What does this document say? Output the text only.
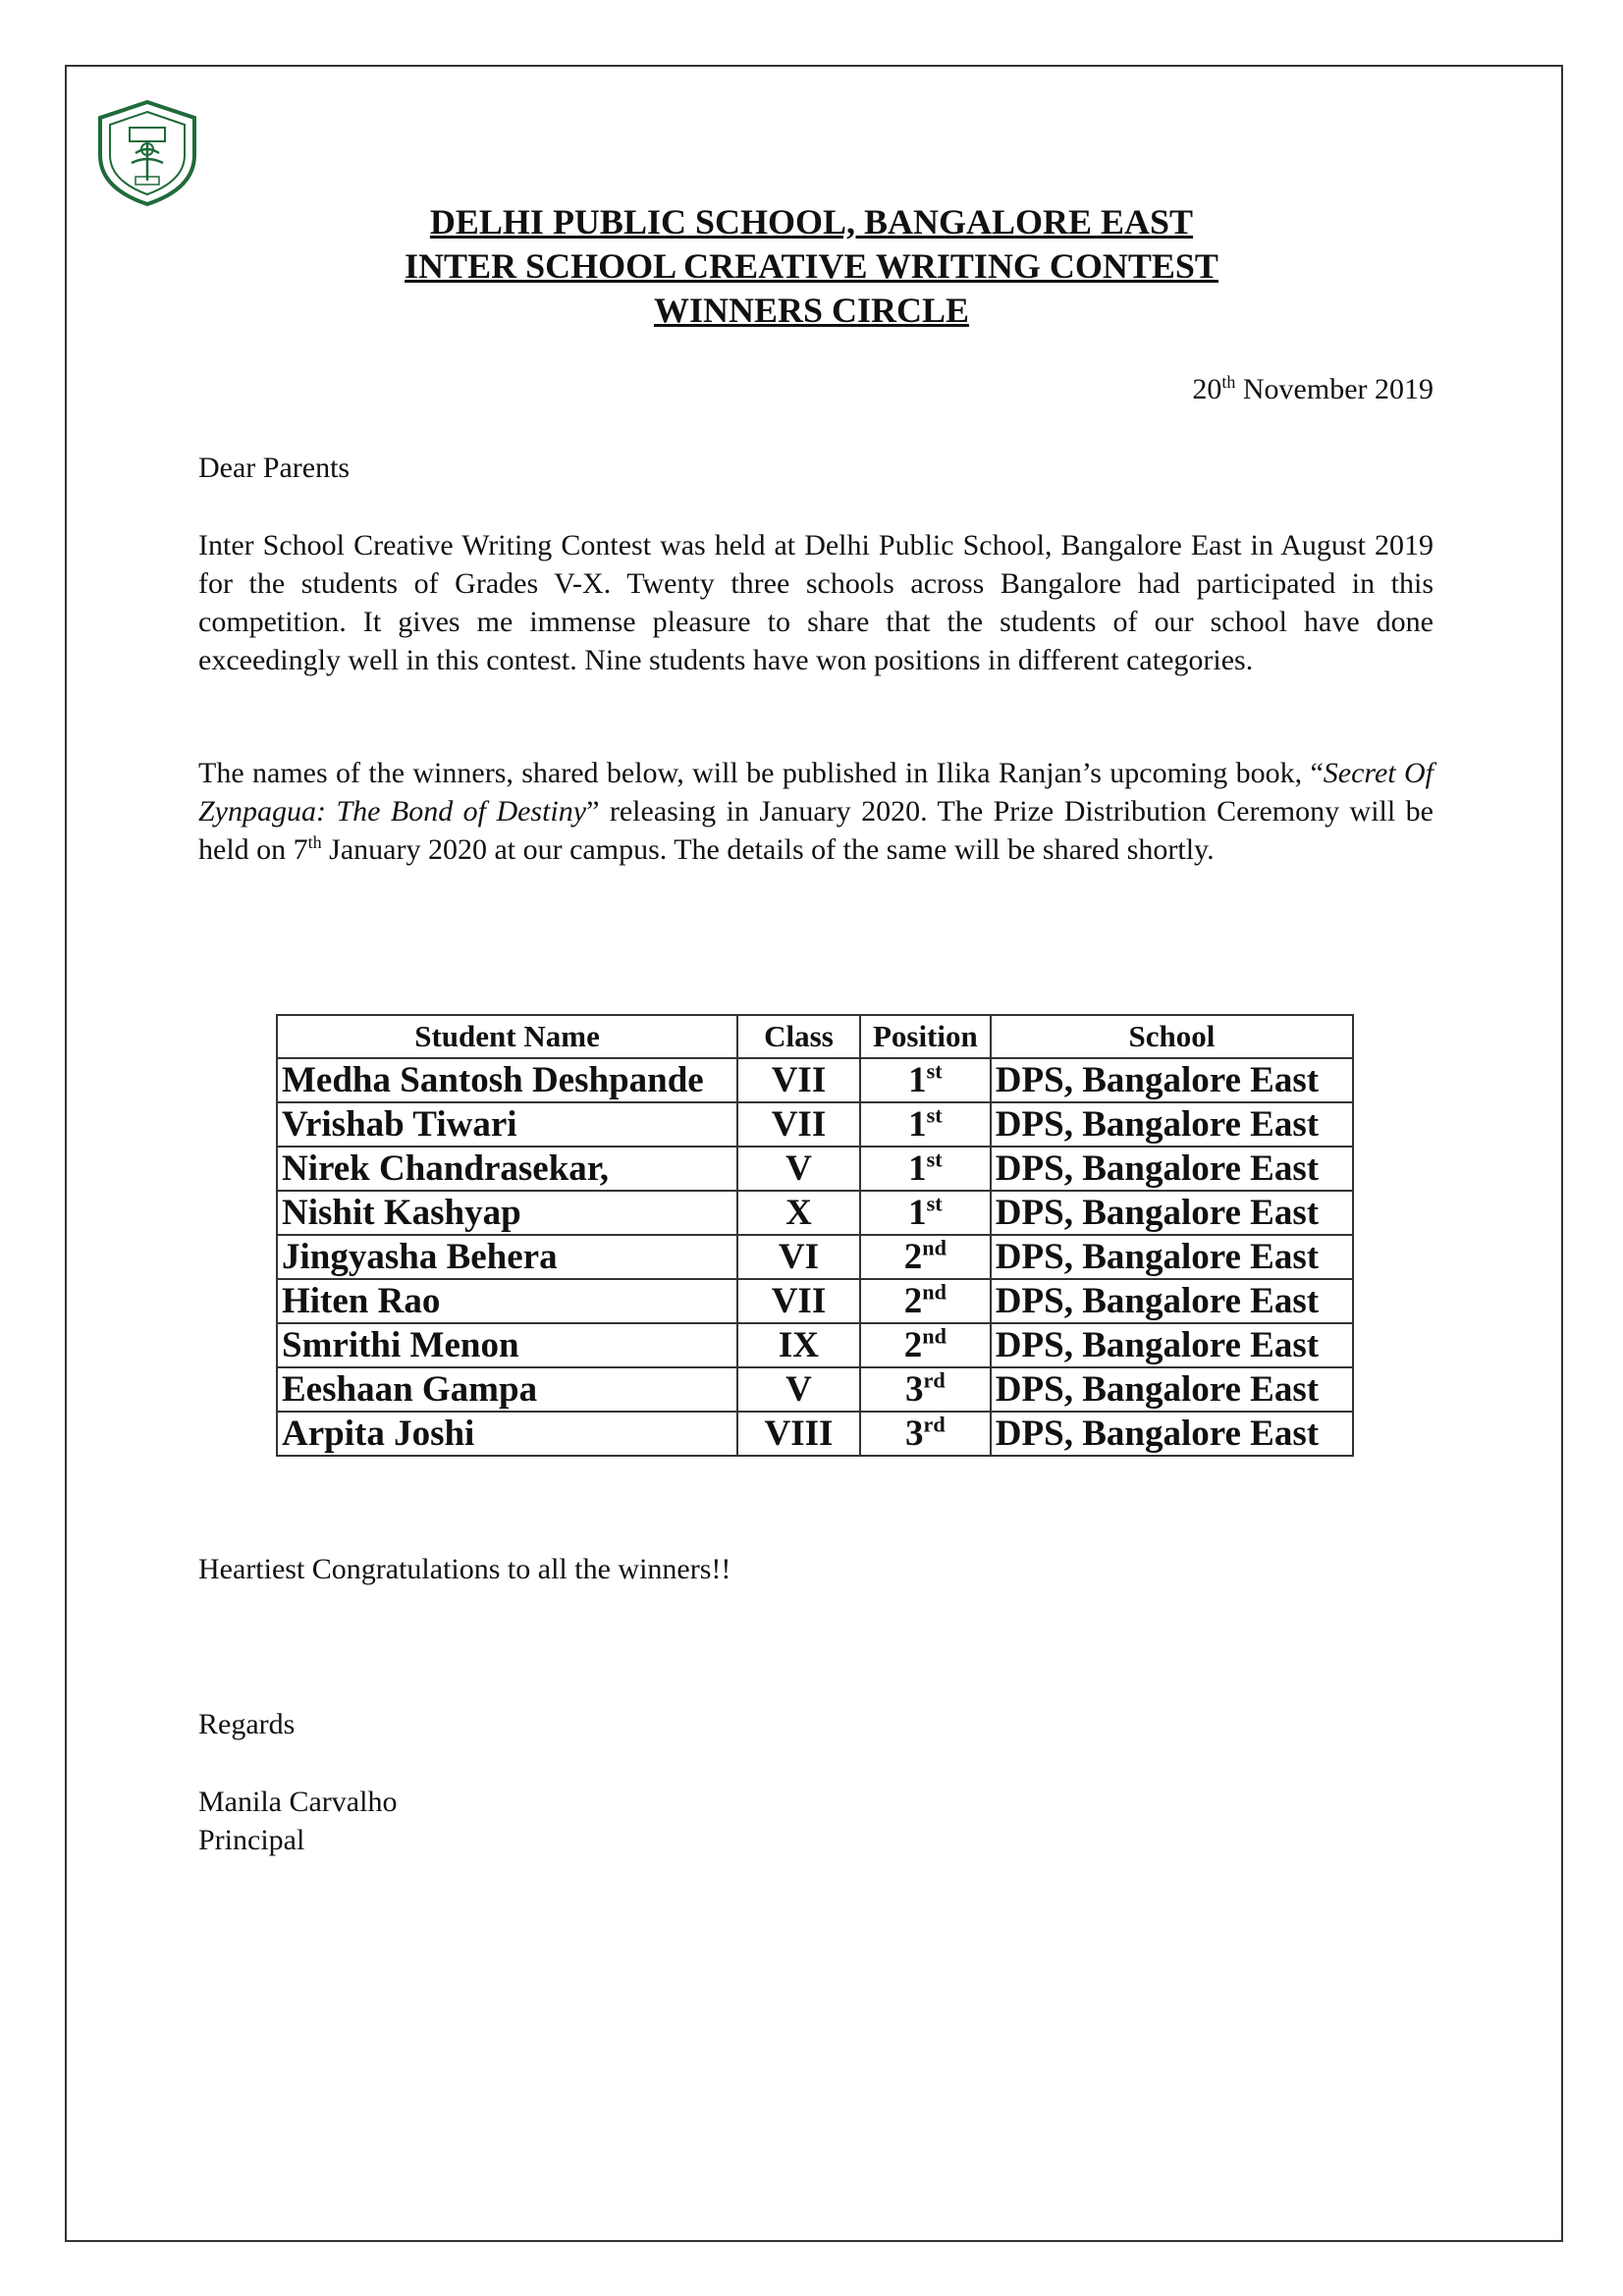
DELHI PUBLIC SCHOOL, BANGALORE EAST
INTER SCHOOL CREATIVE WRITING CONTEST
WINNERS CIRCLE
20th November 2019
Dear Parents

Inter School Creative Writing Contest was held at Delhi Public School, Bangalore East in August 2019 for the students of Grades V-X. Twenty three schools across Bangalore had participated in this competition. It gives me immense pleasure to share that the students of our school have done exceedingly well in this contest. Nine students have won positions in different categories.

The names of the winners, shared below, will be published in Ilika Ranjan’s upcoming book, “Secret Of Zynpagua: The Bond of Destiny” releasing in January 2020. The Prize Distribution Ceremony will be held on 7th January 2020 at our campus. The details of the same will be shared shortly.

Student Name	Class	Position	School
Medha Santosh Deshpande	VII	1st	DPS, Bangalore East
Vrishab Tiwari	VII	1st	DPS, Bangalore East
Nirek Chandrasekar,	V	1st	DPS, Bangalore East
Nishit Kashyap	X	1st	DPS, Bangalore East
Jingyasha Behera	VI	2nd	DPS, Bangalore East
Hiten Rao	VII	2nd	DPS, Bangalore East
Smrithi Menon	IX	2nd	DPS, Bangalore East
Eeshaan Gampa	V	3rd	DPS, Bangalore East
Arpita Joshi	VIII	3rd	DPS, Bangalore East
Heartiest Congratulations to all the winners!!
Regards
Manila Carvalho
Principal
